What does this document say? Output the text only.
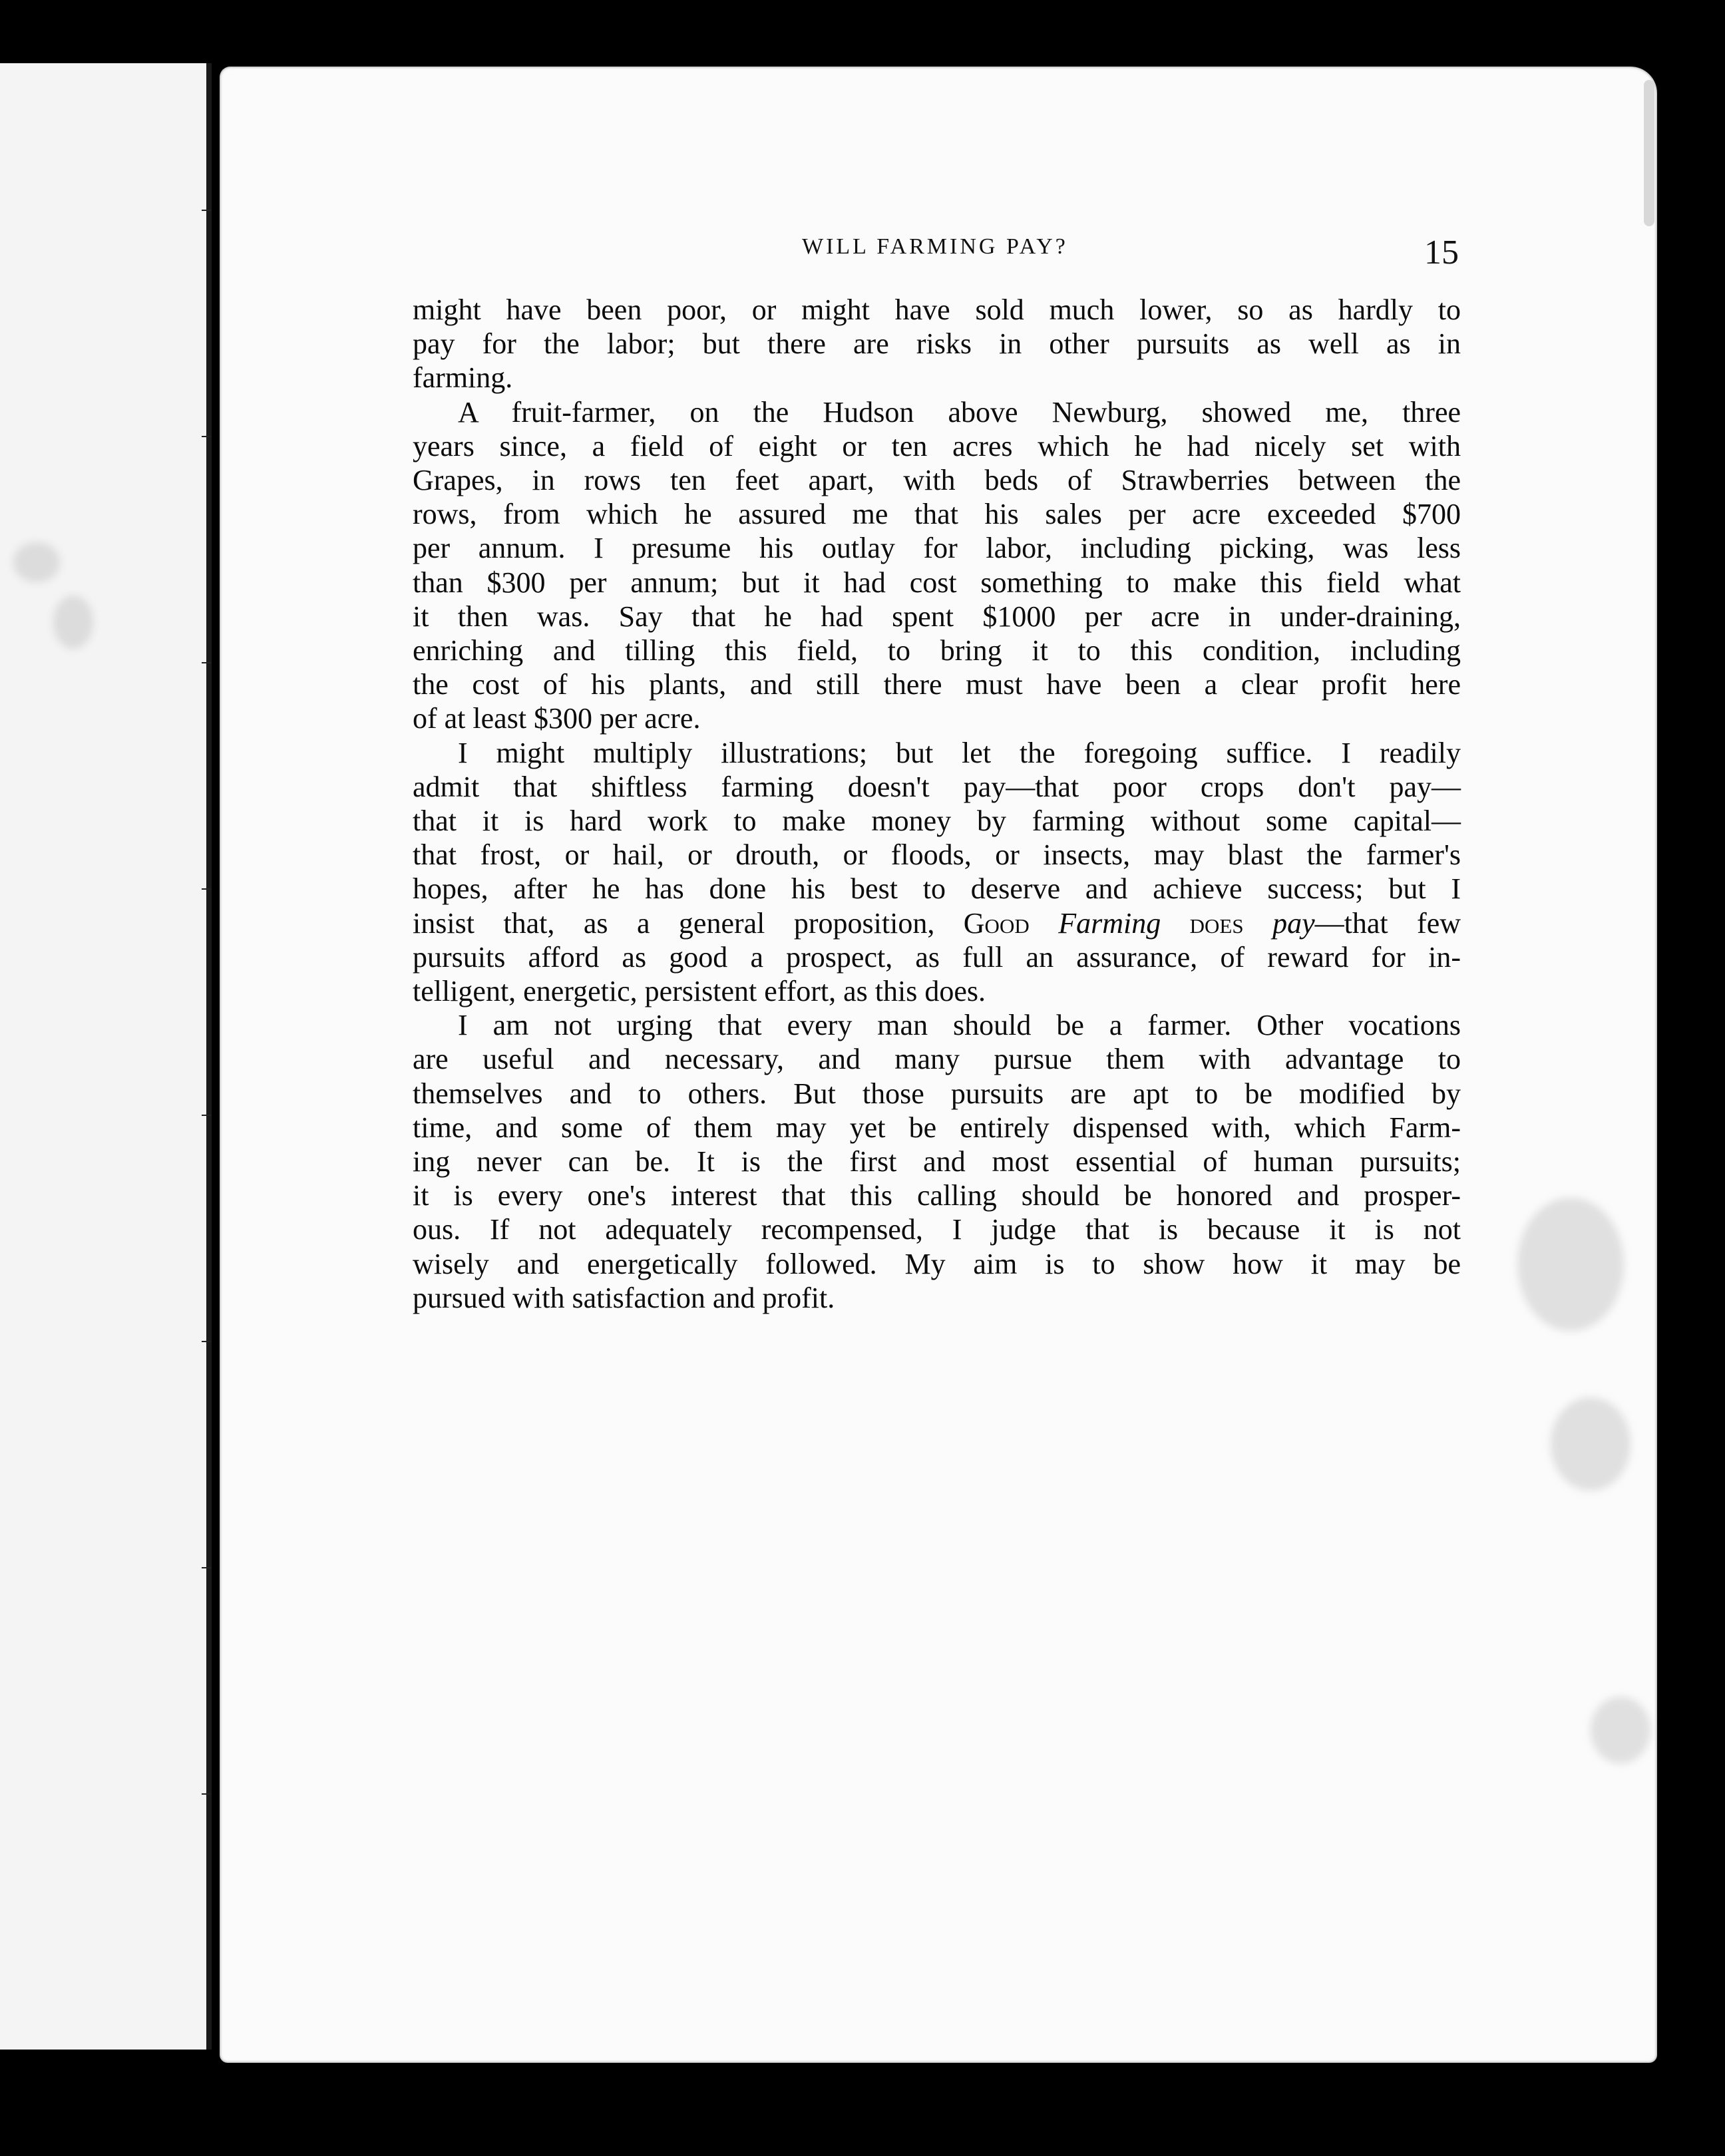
WILL FARMING PAY?	15
might have been poor, or might have sold much lower, so as hardly to
pay for the labor; but there are risks in other pursuits as well as in
farming.
A fruit-farmer, on the Hudson above Newburg, showed me, three
years since, a field of eight or ten acres which he had nicely set with
Grapes, in rows ten feet apart, with beds of Strawberries between the
rows, from which he assured me that his sales per acre exceeded $700
per annum. I presume his outlay for labor, including picking, was less
than $300 per annum; but it had cost something to make this field what
it then was. Say that he had spent $1000 per acre in under-draining,
enriching and tilling this field, to bring it to this condition, including
the cost of his plants, and still there must have been a clear profit here
of at least $300 per acre.
I might multiply illustrations; but let the foregoing suffice. I readily
admit that shiftless farming doesn't pay—that poor crops don't pay—
that it is hard work to make money by farming without some capital—
that frost, or hail, or drouth, or floods, or insects, may blast the farmer's
hopes, after he has done his best to deserve and achieve success; but I
insist that, as a general proposition, Good Farming does pay—that few
pursuits afford as good a prospect, as full an assurance, of reward for in-
telligent, energetic, persistent effort, as this does.
I am not urging that every man should be a farmer. Other vocations
are useful and necessary, and many pursue them with advantage to
themselves and to others. But those pursuits are apt to be modified by
time, and some of them may yet be entirely dispensed with, which Farm-
ing never can be. It is the first and most essential of human pursuits;
it is every one's interest that this calling should be honored and prosper-
ous. If not adequately recompensed, I judge that is because it is not
wisely and energetically followed. My aim is to show how it may be
pursued with satisfaction and profit.
